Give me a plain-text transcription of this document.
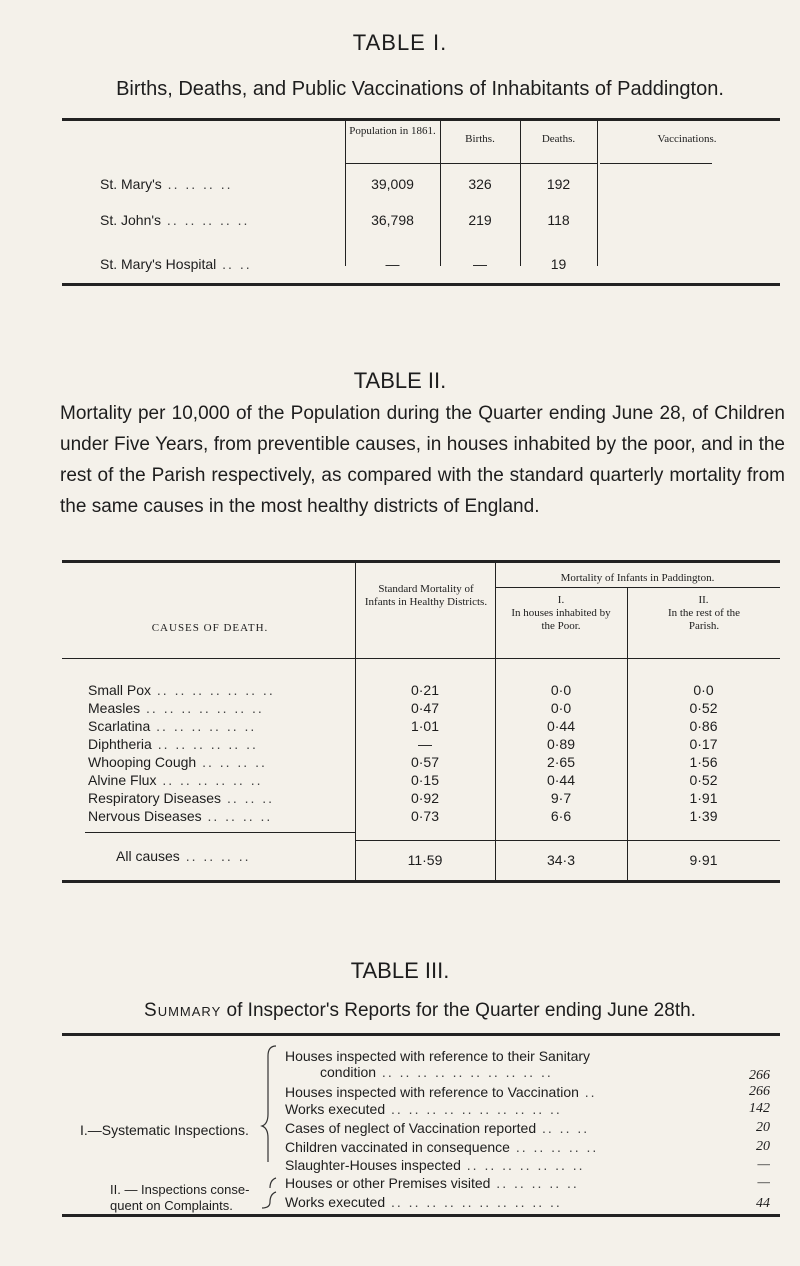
TABLE I.
Births, Deaths, and Public Vaccinations of Inhabitants of Paddington.
Population in 1861.
Births.	Deaths.	Vaccinations.
St. Mary's .. .. .. ..	39,009	326	192
St. John's .. .. .. .. ..	36,798	219	118
St. Mary's Hospital .. ..	—	—	19
TABLE II.
Mortality per 10,000 of the Population during the Quarter ending June 28, of Children under Five Years, from preventible causes, in houses inhabited by the poor, and in the rest of the Parish respectively, as compared with the standard quarterly mortality from the same causes in the most healthy districts of England.
CAUSES OF DEATH.
Standard Mortality of Infants in Healthy Districts.
Mortality of Infants in Paddington.
I.
In houses inhabited by the Poor.
II.
In the rest of the Parish.
Small Pox .. .. .. .. .. .. ..	0·21	0·0	0·0
Measles .. .. .. .. .. .. ..	0·47	0·0	0·52
Scarlatina .. .. .. .. .. ..	1·01	0·44	0·86
Diphtheria .. .. .. .. .. ..	—	0·89	0·17
Whooping Cough .. .. .. ..	0·57	2·65	1·56
Alvine Flux .. .. .. .. .. ..	0·15	0·44	0·52
Respiratory Diseases .. .. ..	0·92	9·7	1·91
Nervous Diseases .. .. .. ..	0·73	6·6	1·39
All causes .. .. .. ..	11·59	34·3	9·91
TABLE III.
Summary of Inspector's Reports for the Quarter ending June 28th.
I.—Systematic Inspections.
II. — Inspections conse-
quent on Complaints.
Houses inspected with reference to their Sanitary
condition .. .. .. .. .. .. .. .. .. ..	266
Houses inspected with reference to Vaccination ..	266
Works executed .. .. .. .. .. .. .. .. .. ..	142
Cases of neglect of Vaccination reported .. .. ..	20
Children vaccinated in consequence .. .. .. .. ..	20
Slaughter-Houses inspected .. .. .. .. .. .. ..	—
Houses or other Premises visited .. .. .. .. ..	—
Works executed .. .. .. .. .. .. .. .. .. ..	44
